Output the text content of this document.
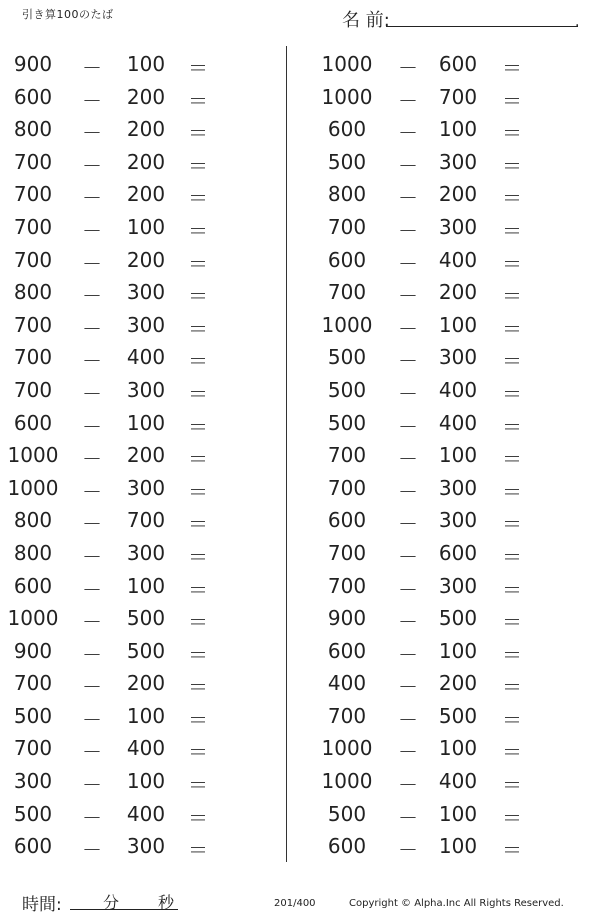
引き算100のたば	名 前:	.
900	－	100	＝
600	－	200	＝
800	－	200	＝
700	－	200	＝
700	－	200	＝
700	－	100	＝
700	－	200	＝
800	－	300	＝
700	－	300	＝
700	－	400	＝
700	－	300	＝
600	－	100	＝
1000	－	200	＝
1000	－	300	＝
800	－	700	＝
800	－	300	＝
600	－	100	＝
1000	－	500	＝
900	－	500	＝
700	－	200	＝
500	－	100	＝
700	－	400	＝
300	－	100	＝
500	－	400	＝
600	－	300	＝
1000	－	600	＝
1000	－	700	＝
600	－	100	＝
500	－	300	＝
800	－	200	＝
700	－	300	＝
600	－	400	＝
700	－	200	＝
1000	－	100	＝
500	－	300	＝
500	－	400	＝
500	－	400	＝
700	－	100	＝
700	－	300	＝
600	－	300	＝
700	－	600	＝
700	－	300	＝
900	－	500	＝
600	－	100	＝
400	－	200	＝
700	－	500	＝
1000	－	100	＝
1000	－	400	＝
500	－	100	＝
600	－	100	＝
時間:	分 秒	201/400	Copyright © Alpha.Inc All Rights Reserved.
